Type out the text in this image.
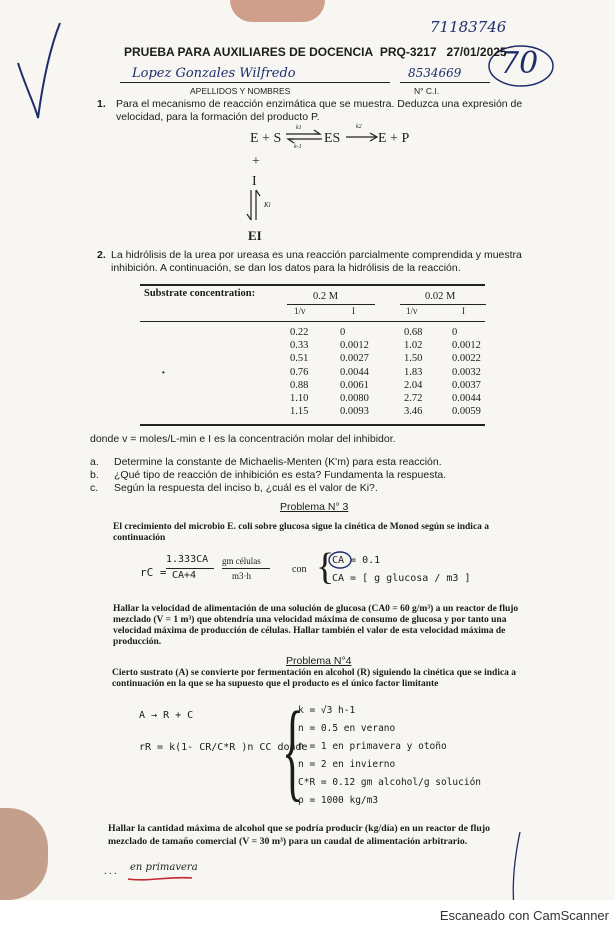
71183746
Lopez Gonzales Wilfredo	8534669 70
PRUEBA PARA AUXILIARES DE DOCENCIA PRQ-3217 27/01/2025
APELLIDOS Y NOMBRES	N° C.I.
1. Para el mecanismo de reacción enzimática que se muestra. Deduzca una expresión de
velocidad, para la formación del producto P.
E + S ⇌
k1
k-1
ES
k2
E + P
+
I
Ki
EI
2. La hidrólisis de la urea por ureasa es una reacción parcialmente comprendida y muestra
inhibición. A continuación, se dan los datos para la hidrólisis de la reacción.
Substrate concentration:	0.2 M	0.02 M
1/v	I	1/v	I
0.22	0	0.68	0
0.33	0.0012	1.02	0.0012
0.51	0.0027	1.50	0.0022
0.76	0.0044	1.83	0.0032
0.88	0.0061	2.04	0.0037
1.10	0.0080	2.72	0.0044
1.15	0.0093	3.46	0.0059
•
donde v = moles/L-min e I es la concentración molar del inhibidor.
a.	Determine la constante de Michaelis-Menten (K'm) para esta reacción.
b.	¿Qué tipo de reacción de inhibición es esta? Fundamenta la respuesta.
c.	Según la respuesta del inciso b, ¿cuál es el valor de Ki?.
Problema N° 3
El crecimiento del microbio E. coli sobre glucosa sigue la cinética de Monod según se indica a
continuación
rC =
1.333CA
CA+4
gm células
m3·h
con {
CA = 0.1
CA = [ g glucosa / m3 ]
Hallar la velocidad de alimentación de una solución de glucosa (CA0 = 60 g/m³) a un reactor de flujo
mezclado (V = 1 m³) que obtendría una velocidad máxima de consumo de glucosa y por tanto una
velocidad máxima de producción de células. Hallar también el valor de esta velocidad máxima de
producción.
Problema N°4
Cierto sustrato (A) se convierte por fermentación en alcohol (R) siguiendo la cinética que se indica a
continuación en la que se ha supuesto que el producto es el único factor limitante
A → R + C
rR = k(1- CR/C*R )n CC donde
{
k = √3 h-1
n = 0.5 en verano
n = 1 en primavera y otoño
n = 2 en invierno
C*R = 0.12 gm alcohol/g solución
ρ = 1000 kg/m3
Hallar la cantidad máxima de alcohol que se podría producir (kg/día) en un reactor de flujo
mezclado de tamaño comercial (V = 30 m³) para un caudal de alimentación arbitrario.
. . . en primavera
Escaneado con CamScanner
